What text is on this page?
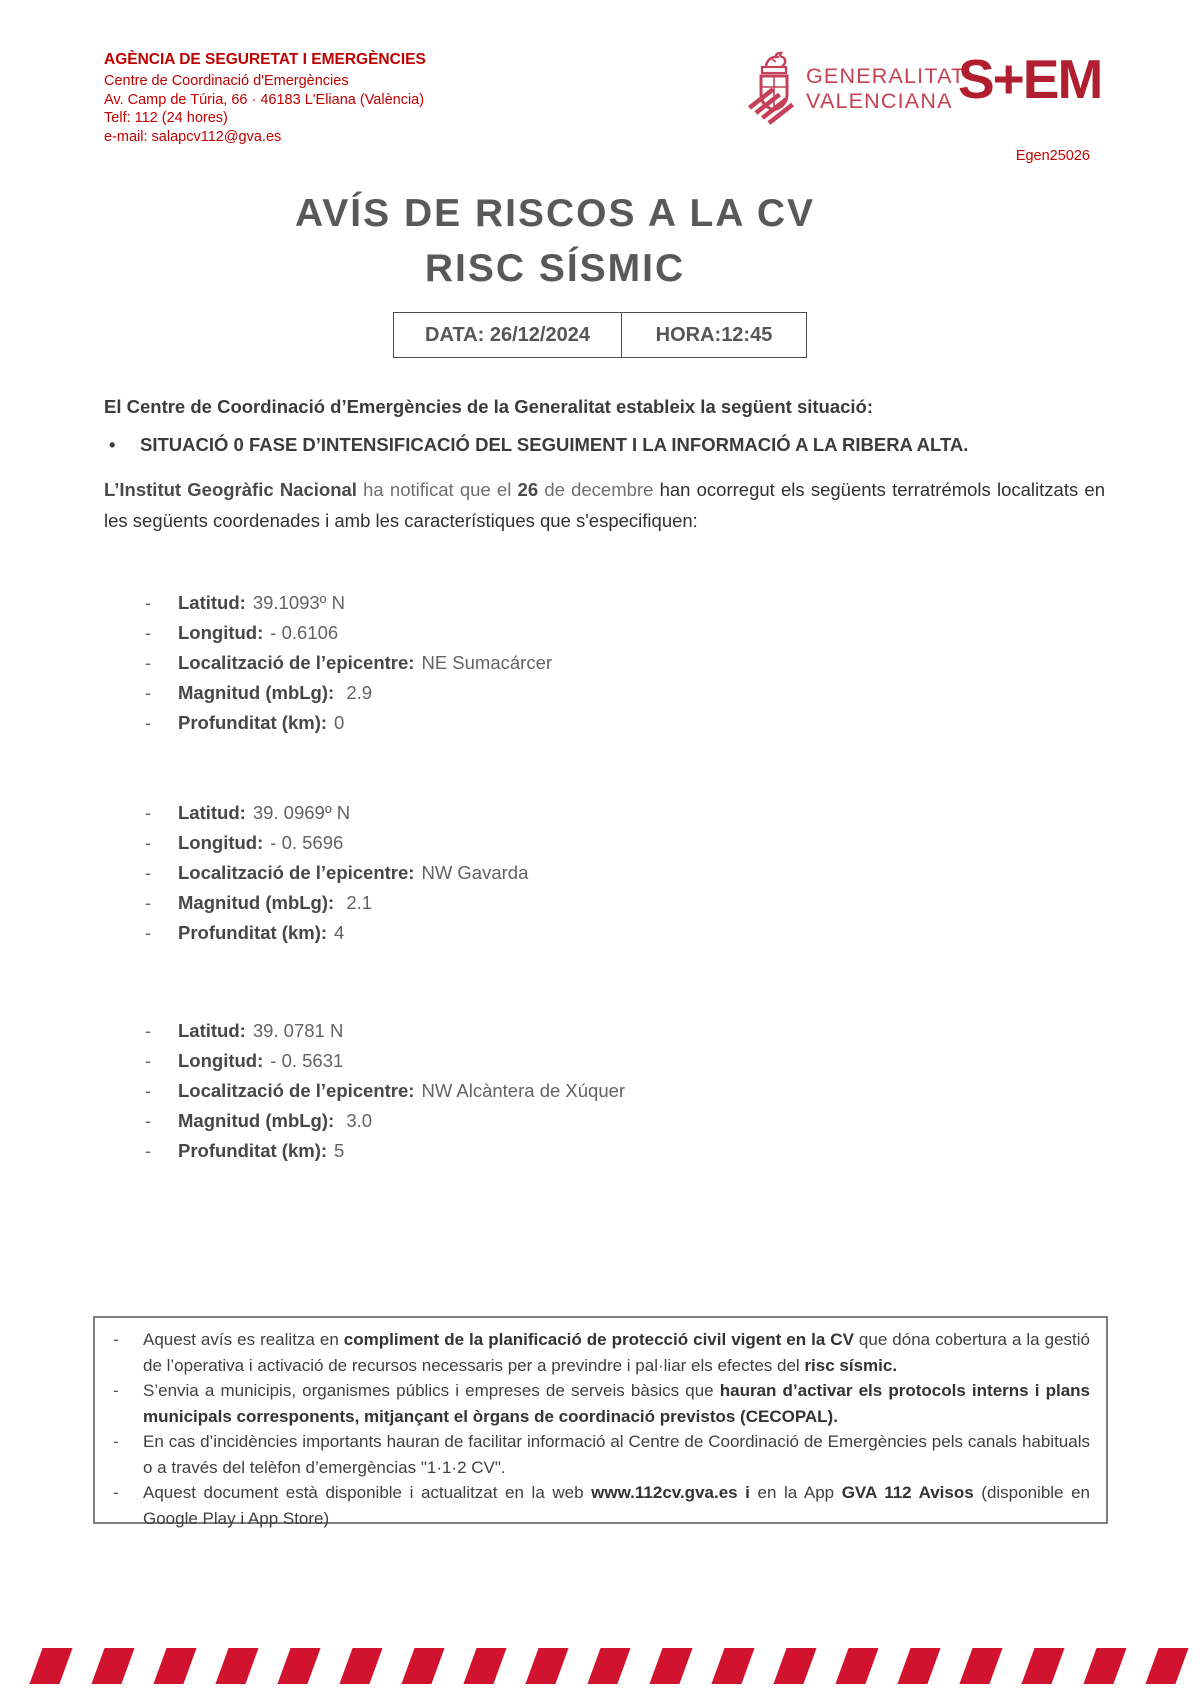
AGÈNCIA DE SEGURETAT I EMERGÈNCIES
Centre de Coordinació d'Emergències
Av. Camp de Túria, 66 · 46183 L'Eliana (València)
Telf: 112 (24 hores)
e-mail: salapcv112@gva.es
GENERALITAT
VALENCIANA S+EM
Egen25026
AVÍS DE RISCOS A LA CV
RISC SÍSMIC
DATA: 26/12/2024	HORA:12:45
El Centre de Coordinació d’Emergències de la Generalitat estableix la següent situació:
•	SITUACIÓ 0 FASE D’INTENSIFICACIÓ DEL SEGUIMENT I LA INFORMACIÓ A LA RIBERA ALTA.
L’Institut Geogràfic Nacional ha notificat que el 26 de decembre han ocorregut els següents terratrémols localitzats en les següents coordenades i amb les característiques que s'especifiquen:
-	Latitud: 39.1093º N
-	Longitud: - 0.6106
-	Localització de l’epicentre: NE Sumacárcer
-	Magnitud (mbLg): 2.9
-	Profunditat (km): 0
-	Latitud: 39. 0969º N
-	Longitud: - 0. 5696
-	Localització de l’epicentre: NW Gavarda
-	Magnitud (mbLg): 2.1
-	Profunditat (km): 4
-	Latitud: 39. 0781 N
-	Longitud: - 0. 5631
-	Localització de l’epicentre: NW Alcàntera de Xúquer
-	Magnitud (mbLg): 3.0
-	Profunditat (km): 5
- Aquest avís es realitza en compliment de la planificació de protecció civil vigent en la CV que dóna cobertura a la gestió de l’operativa i activació de recursos necessaris per a previndre i pal·liar els efectes del risc sísmic.
- S’envia a municipis, organismes públics i empreses de serveis bàsics que hauran d’activar els protocols interns i plans municipals corresponents, mitjançant el òrgans de coordinació previstos (CECOPAL).
- En cas d’incidències importants hauran de facilitar informació al Centre de Coordinació de Emergències pels canals habituals o a través del telèfon d’emergèncias "1·1·2 CV".
- Aquest document està disponible i actualitzat en la web www.112cv.gva.es i en la App GVA 112 Avisos (disponible en Google Play i App Store)
